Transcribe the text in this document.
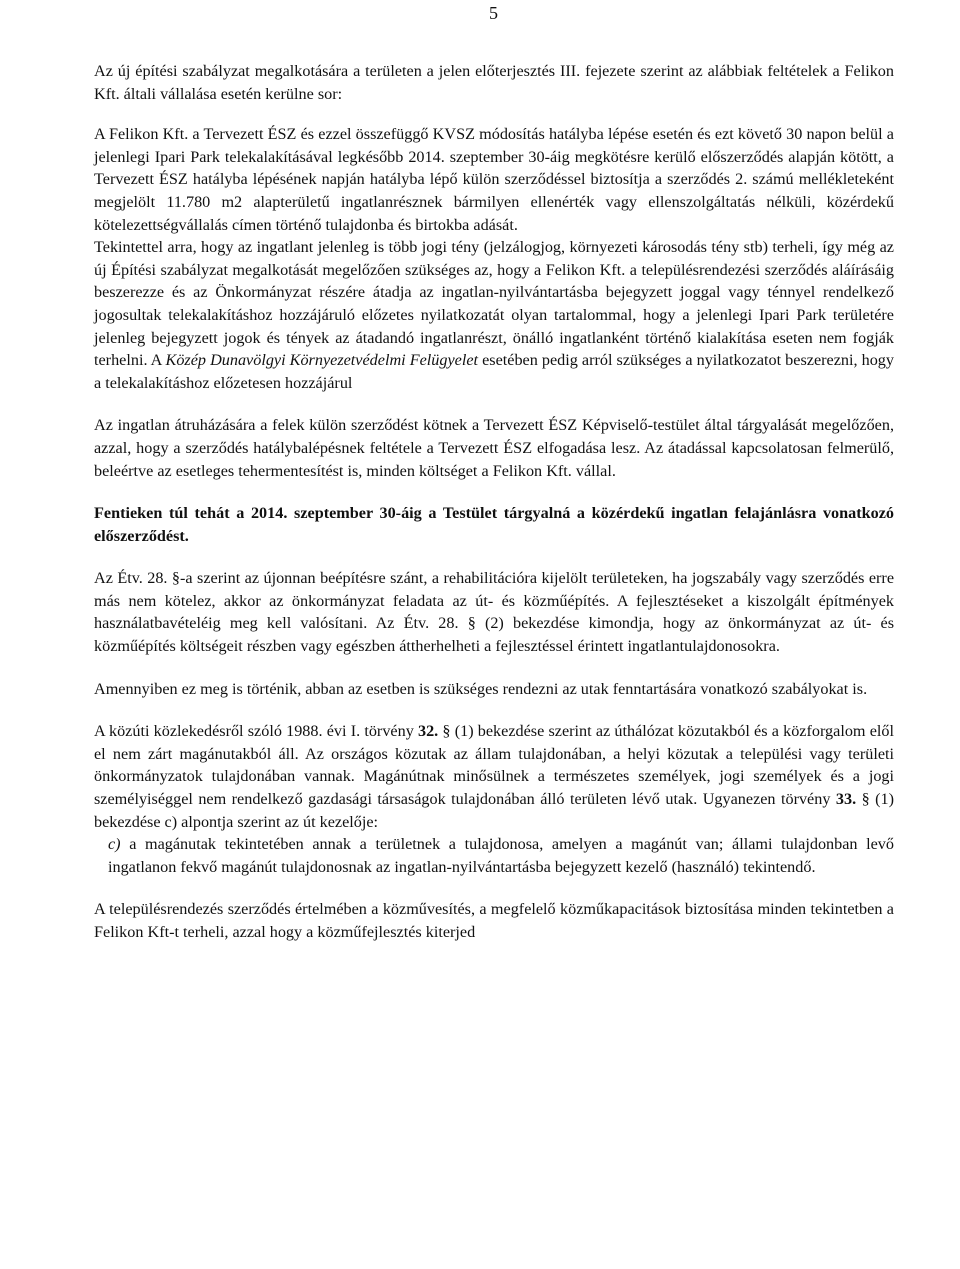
5

Az új építési szabályzat megalkotására a területen a jelen előterjesztés III. fejezete szerint az alábbiak feltételek a Felikon Kft. általi vállalása esetén kerülne sor:

A Felikon Kft. a Tervezett ÉSZ és ezzel összefüggő KVSZ módosítás hatályba lépése esetén és ezt követő 30 napon belül a jelenlegi Ipari Park telekalakításával legkésőbb 2014. szeptember 30-áig megkötésre kerülő előszerződés alapján kötött, a Tervezett ÉSZ hatályba lépésének napján hatályba lépő külön szerződéssel biztosítja a szerződés 2. számú mellékleteként megjelölt 11.780 m2 alapterületű ingatlanrésznek bármilyen ellenérték vagy ellenszolgáltatás nélküli, közérdekű kötelezettségvállalás címen történő tulajdonba és birtokba adását.

Tekintettel arra, hogy az ingatlant jelenleg is több jogi tény (jelzálogjog, környezeti károsodás tény stb) terheli, így még az új Építési szabályzat megalkotását megelőzően szükséges az, hogy a Felikon Kft. a településrendezési szerződés aláírásáig beszerezze és az Önkormányzat részére átadja az ingatlan-nyilvántartásba bejegyzett joggal vagy ténnyel rendelkező jogosultak telekalakításhoz hozzájáruló előzetes nyilatkozatát olyan tartalommal, hogy a jelenlegi Ipari Park területére jelenleg bejegyzett jogok és tények az átadandó ingatlanrészt, önálló ingatlanként történő kialakítása eseten nem fogják terhelni. A Közép Dunavölgyi Környezetvédelmi Felügyelet esetében pedig arról szükséges a nyilatkozatot beszerezni, hogy a telekalakításhoz előzetesen hozzájárul

Az ingatlan átruházására a felek külön szerződést kötnek a Tervezett ÉSZ Képviselő-testület által tárgyalását megelőzően, azzal, hogy a szerződés hatálybalépésnek feltétele a Tervezett ÉSZ elfogadása lesz. Az átadással kapcsolatosan felmerülő, beleértve az esetleges tehermentesítést is, minden költséget a Felikon Kft. vállal.

Fentieken túl tehát a 2014. szeptember 30-áig a Testület tárgyalná a közérdekű ingatlan felajánlásra vonatkozó előszerződést.

Az Étv. 28. §-a szerint az újonnan beépítésre szánt, a rehabilitációra kijelölt területeken, ha jogszabály vagy szerződés erre más nem kötelez, akkor az önkormányzat feladata az út- és közműépítés. A fejlesztéseket a kiszolgált építmények használatbavételéig meg kell valósítani. Az Étv. 28. § (2) bekezdése kimondja, hogy az önkormányzat az út- és közműépítés költségeit részben vagy egészben áttherhelheti a fejlesztéssel érintett ingatlantulajdonosokra.

Amennyiben ez meg is történik, abban az esetben is szükséges rendezni az utak fenntartására vonatkozó szabályokat is.

A közúti közlekedésről szóló 1988. évi I. törvény 32. § (1) bekezdése szerint az úthálózat közutakból és a közforgalom elől el nem zárt magánutakból áll. Az országos közutak az állam tulajdonában, a helyi közutak a települési vagy területi önkormányzatok tulajdonában vannak. Magánútnak minősülnek a természetes személyek, jogi személyek és a jogi személyiséggel nem rendelkező gazdasági társaságok tulajdonában álló területen lévő utak. Ugyanezen törvény 33. § (1) bekezdése c) alpontja szerint az út kezelője:

c) a magánutak tekintetében annak a területnek a tulajdonosa, amelyen a magánút van; állami tulajdonban levő ingatlanon fekvő magánút tulajdonosnak az ingatlan-nyilvántartásba bejegyzett kezelő (használó) tekintendő.

A településrendezés szerződés értelmében a közművesítés, a megfelelő közműkapacitások biztosítása minden tekintetben a Felikon Kft-t terheli, azzal hogy a közműfejlesztés kiterjed
